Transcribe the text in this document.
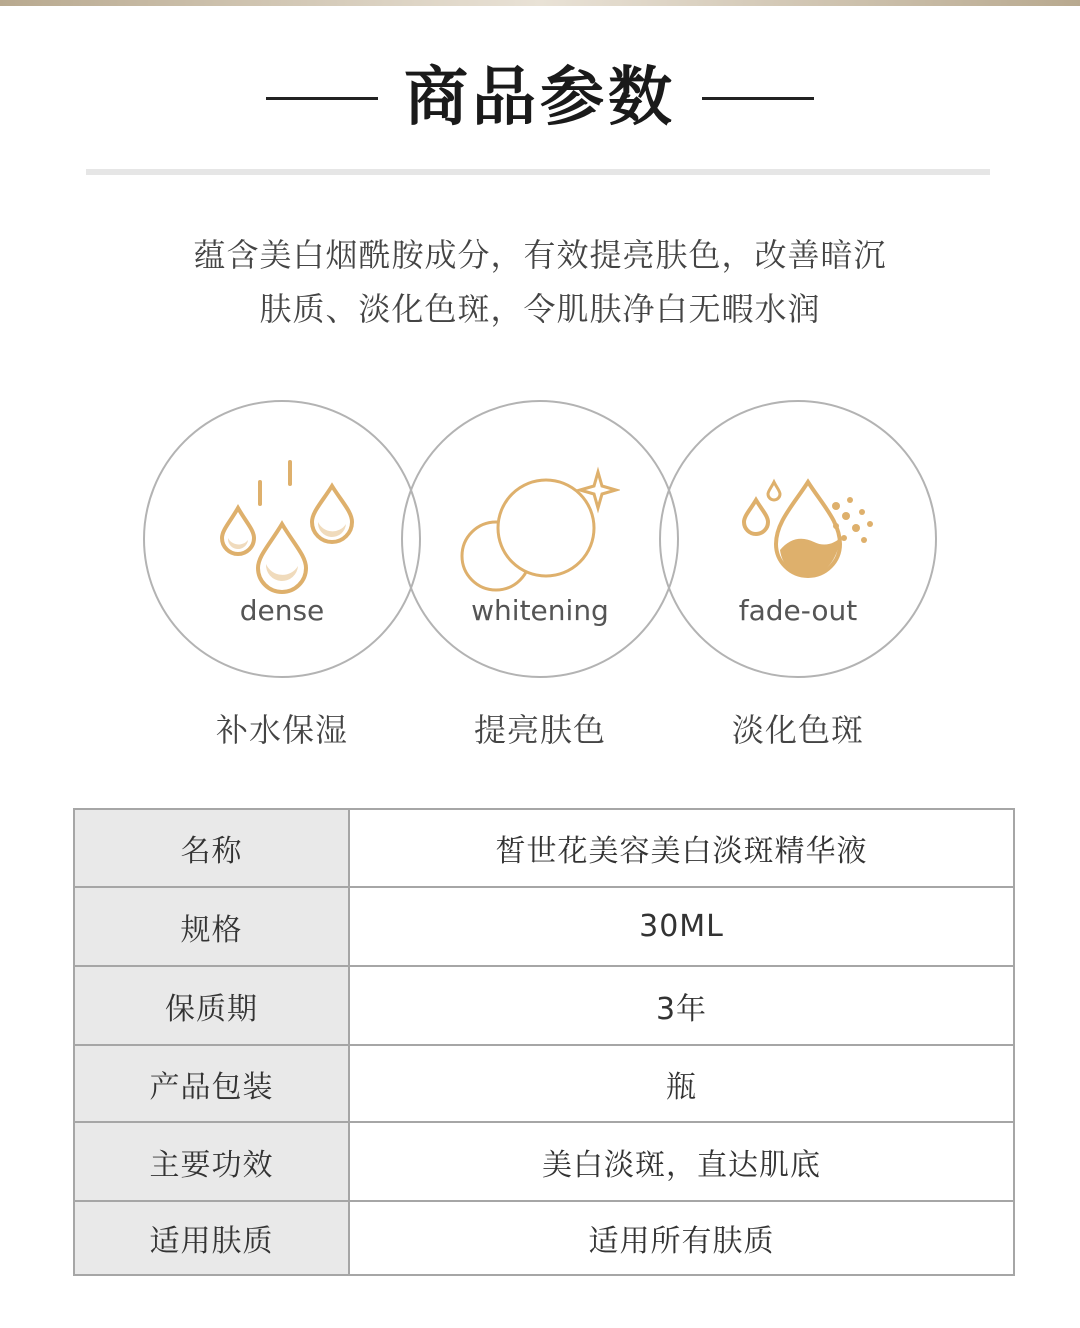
商品参数
蕴含美白烟酰胺成分，有效提亮肤色，改善暗沉
肤质、淡化色斑，令肌肤净白无暇水润
dense	whitening	fade-out
补水保湿	提亮肤色	淡化色斑
名称	皙世花美容美白淡斑精华液
规格	30ML
保质期	3年
产品包装	瓶
主要功效	美白淡斑，直达肌底
适用肤质	适用所有肤质
